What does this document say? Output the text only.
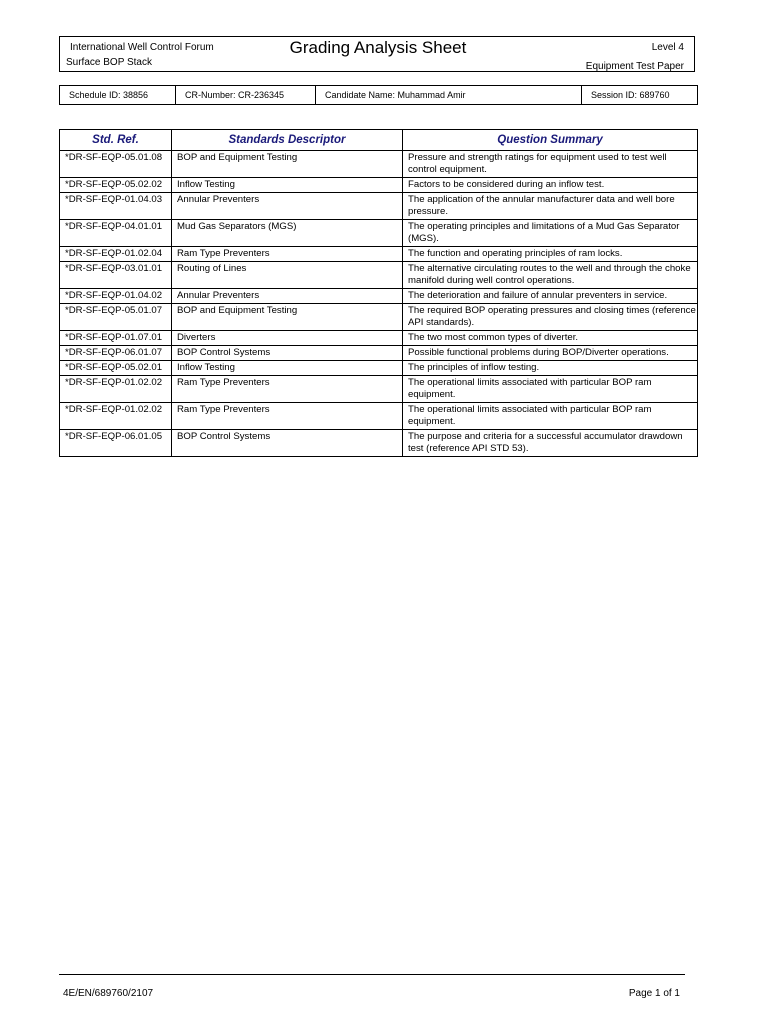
International Well Control Forum
Surface BOP Stack
Grading Analysis Sheet	Level 4
Equipment Test Paper
Schedule ID: 38856	CR-Number: CR-236345	Candidate Name: Muhammad Amir	Session ID: 689760
Std. Ref.	Standards Descriptor	Question Summary
*DR-SF-EQP-05.01.08	BOP and Equipment Testing	Pressure and strength ratings for equipment used to test well control equipment.
*DR-SF-EQP-05.02.02	Inflow Testing	Factors to be considered during an inflow test.
*DR-SF-EQP-01.04.03	Annular Preventers	The application of the annular manufacturer data and well bore pressure.
*DR-SF-EQP-04.01.01	Mud Gas Separators (MGS)	The operating principles and limitations of a Mud Gas Separator (MGS).
*DR-SF-EQP-01.02.04	Ram Type Preventers	The function and operating principles of ram locks.
*DR-SF-EQP-03.01.01	Routing of Lines	The alternative circulating routes to the well and through the choke manifold during well control operations.
*DR-SF-EQP-01.04.02	Annular Preventers	The deterioration and failure of annular preventers in service.
*DR-SF-EQP-05.01.07	BOP and Equipment Testing	The required BOP operating pressures and closing times (reference API standards).
*DR-SF-EQP-01.07.01	Diverters	The two most common types of diverter.
*DR-SF-EQP-06.01.07	BOP Control Systems	Possible functional problems during BOP/Diverter operations.
*DR-SF-EQP-05.02.01	Inflow Testing	The principles of inflow testing.
*DR-SF-EQP-01.02.02	Ram Type Preventers	The operational limits associated with particular BOP ram equipment.
*DR-SF-EQP-01.02.02	Ram Type Preventers	The operational limits associated with particular BOP ram equipment.
*DR-SF-EQP-06.01.05	BOP Control Systems	The purpose and criteria for a successful accumulator drawdown test (reference API STD 53).
4E/EN/689760/2107	Page 1 of 1
